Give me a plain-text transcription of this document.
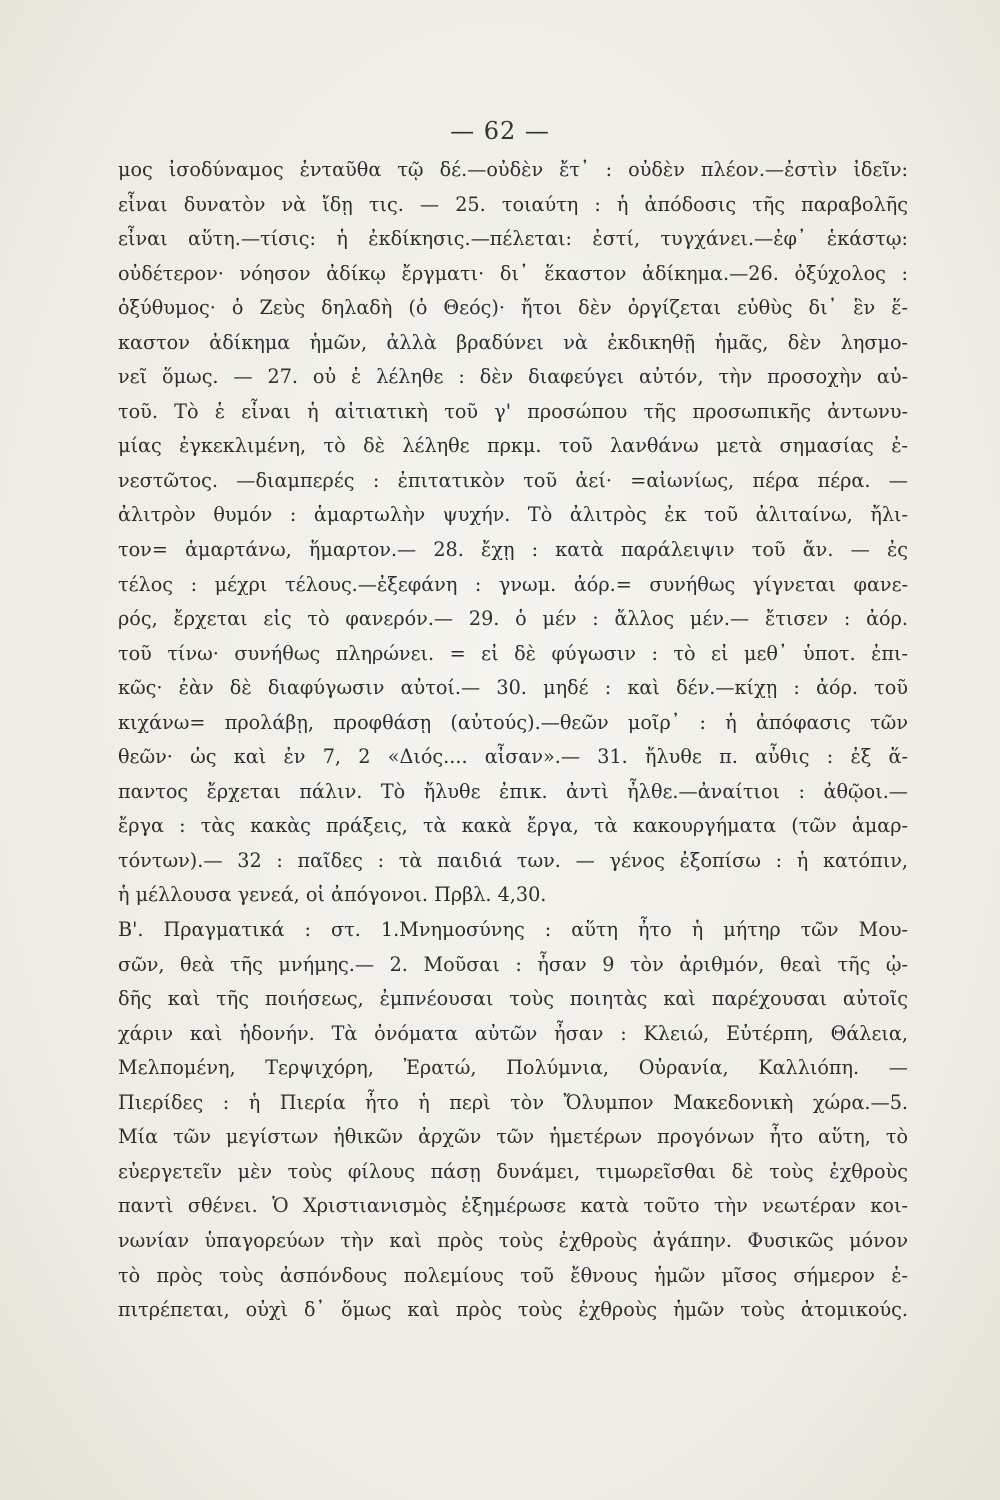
— 62 —
μος ἰσοδύναμος ἐνταῦθα τῷ δέ.—οὐδὲν ἔτ᾿ : οὐδὲν πλέον.—ἐστὶν ἰδεῖν:
εἶναι δυνατὸν νὰ ἴδῃ τις. — 25. τοιαύτη : ἡ ἀπόδοσις τῆς παραβολῆς
εἶναι αὕτη.—τίσις: ἡ ἐκδίκησις.—πέλεται: ἐστί, τυγχάνει.—ἐφ᾿ ἑκάστῳ:
οὐδέτερον· νόησον ἀδίκῳ ἔργματι· δι᾿ ἕκαστον ἀδίκημα.—26. ὀξύχολος :
ὀξύθυμος· ὁ Ζεὺς δηλαδὴ (ὁ Θεός)· ἤτοι δὲν ὀργίζεται εὐθὺς δι᾿ ἓν ἕ-
καστον ἀδίκημα ἡμῶν, ἀλλὰ βραδύνει νὰ ἐκδικηθῇ ἡμᾶς, δὲν λησμο-
νεῖ ὅμως. — 27. οὐ ἑ λέληθε : δὲν διαφεύγει αὐτόν, τὴν προσοχὴν αὐ-
τοῦ. Τὸ ἑ εἶναι ἡ αἰτιατικὴ τοῦ γ' προσώπου τῆς προσωπικῆς ἀντωνυ-
μίας ἐγκεκλιμένη, τὸ δὲ λέληθε πρκμ. τοῦ λανθάνω μετὰ σημασίας ἐ-
νεστῶτος. —διαμπερές : ἐπιτατικὸν τοῦ ἀεί· =αἰωνίως, πέρα πέρα. —
ἀλιτρὸν θυμόν : ἁμαρτωλὴν ψυχήν. Τὸ ἀλιτρὸς ἐκ τοῦ ἀλιταίνω, ἤλι-
τον= ἁμαρτάνω, ἥμαρτον.— 28. ἔχῃ : κατὰ παράλειψιν τοῦ ἄν. — ἐς
τέλος : μέχρι τέλους.—ἐξεφάνη : γνωμ. ἀόρ.= συνήθως γίγνεται φανε-
ρός, ἔρχεται εἰς τὸ φανερόν.— 29. ὁ μέν : ἄλλος μέν.— ἔτισεν : ἀόρ.
τοῦ τίνω· συνήθως πληρώνει. = εἰ δὲ φύγωσιν : τὸ εἰ μεθ᾿ ὑποτ. ἐπι-
κῶς· ἐὰν δὲ διαφύγωσιν αὐτοί.— 30. μηδέ : καὶ δέν.—κίχῃ : ἀόρ. τοῦ
κιχάνω= προλάβῃ, προφθάσῃ (αὐτούς).—θεῶν μοῖρ᾿ : ἡ ἀπόφασις τῶν
θεῶν· ὡς καὶ ἐν 7, 2 «Διός.... αἶσαν».— 31. ἤλυθε π. αὖθις : ἐξ ἅ-
παντος ἔρχεται πάλιν. Τὸ ἤλυθε ἐπικ. ἀντὶ ἦλθε.—ἀναίτιοι : ἀθῷοι.—
ἔργα : τὰς κακὰς πράξεις, τὰ κακὰ ἔργα, τὰ κακουργήματα (τῶν ἁμαρ-
τόντων).— 32 : παῖδες : τὰ παιδιά των. — γένος ἐξοπίσω : ἡ κατόπιν,
ἡ μέλλουσα γενεά, οἱ ἀπόγονοι. Πρβλ. 4,30.
Β'. Πραγματικά : στ. 1.Μνημοσύνης : αὕτη ἦτο ἡ μήτηρ τῶν Μου-
σῶν, θεὰ τῆς μνήμης.— 2. Μοῦσαι : ἦσαν 9 τὸν ἀριθμόν, θεαὶ τῆς ᾠ-
δῆς καὶ τῆς ποιήσεως, ἐμπνέουσαι τοὺς ποιητὰς καὶ παρέχουσαι αὐτοῖς
χάριν καὶ ἡδονήν. Τὰ ὀνόματα αὐτῶν ἦσαν : Κλειώ, Εὐτέρπη, Θάλεια,
Μελπομένη, Τερψιχόρη, Ἐρατώ, Πολύμνια, Οὐρανία, Καλλιόπη. —
Πιερίδες : ἡ Πιερία ἦτο ἡ περὶ τὸν Ὄλυμπον Μακεδονικὴ χώρα.—5.
Μία τῶν μεγίστων ἠθικῶν ἀρχῶν τῶν ἡμετέρων προγόνων ἦτο αὕτη, τὸ
εὐεργετεῖν μὲν τοὺς φίλους πάσῃ δυνάμει, τιμωρεῖσθαι δὲ τοὺς ἐχθροὺς
παντὶ σθένει. Ὁ Χριστιανισμὸς ἐξημέρωσε κατὰ τοῦτο τὴν νεωτέραν κοι-
νωνίαν ὑπαγορεύων τὴν καὶ πρὸς τοὺς ἐχθροὺς ἀγάπην. Φυσικῶς μόνον
τὸ πρὸς τοὺς ἀσπόνδους πολεμίους τοῦ ἔθνους ἡμῶν μῖσος σήμερον ἐ-
πιτρέπεται, οὐχὶ δ᾿ ὅμως καὶ πρὸς τοὺς ἐχθροὺς ἡμῶν τοὺς ἀτομικούς.
